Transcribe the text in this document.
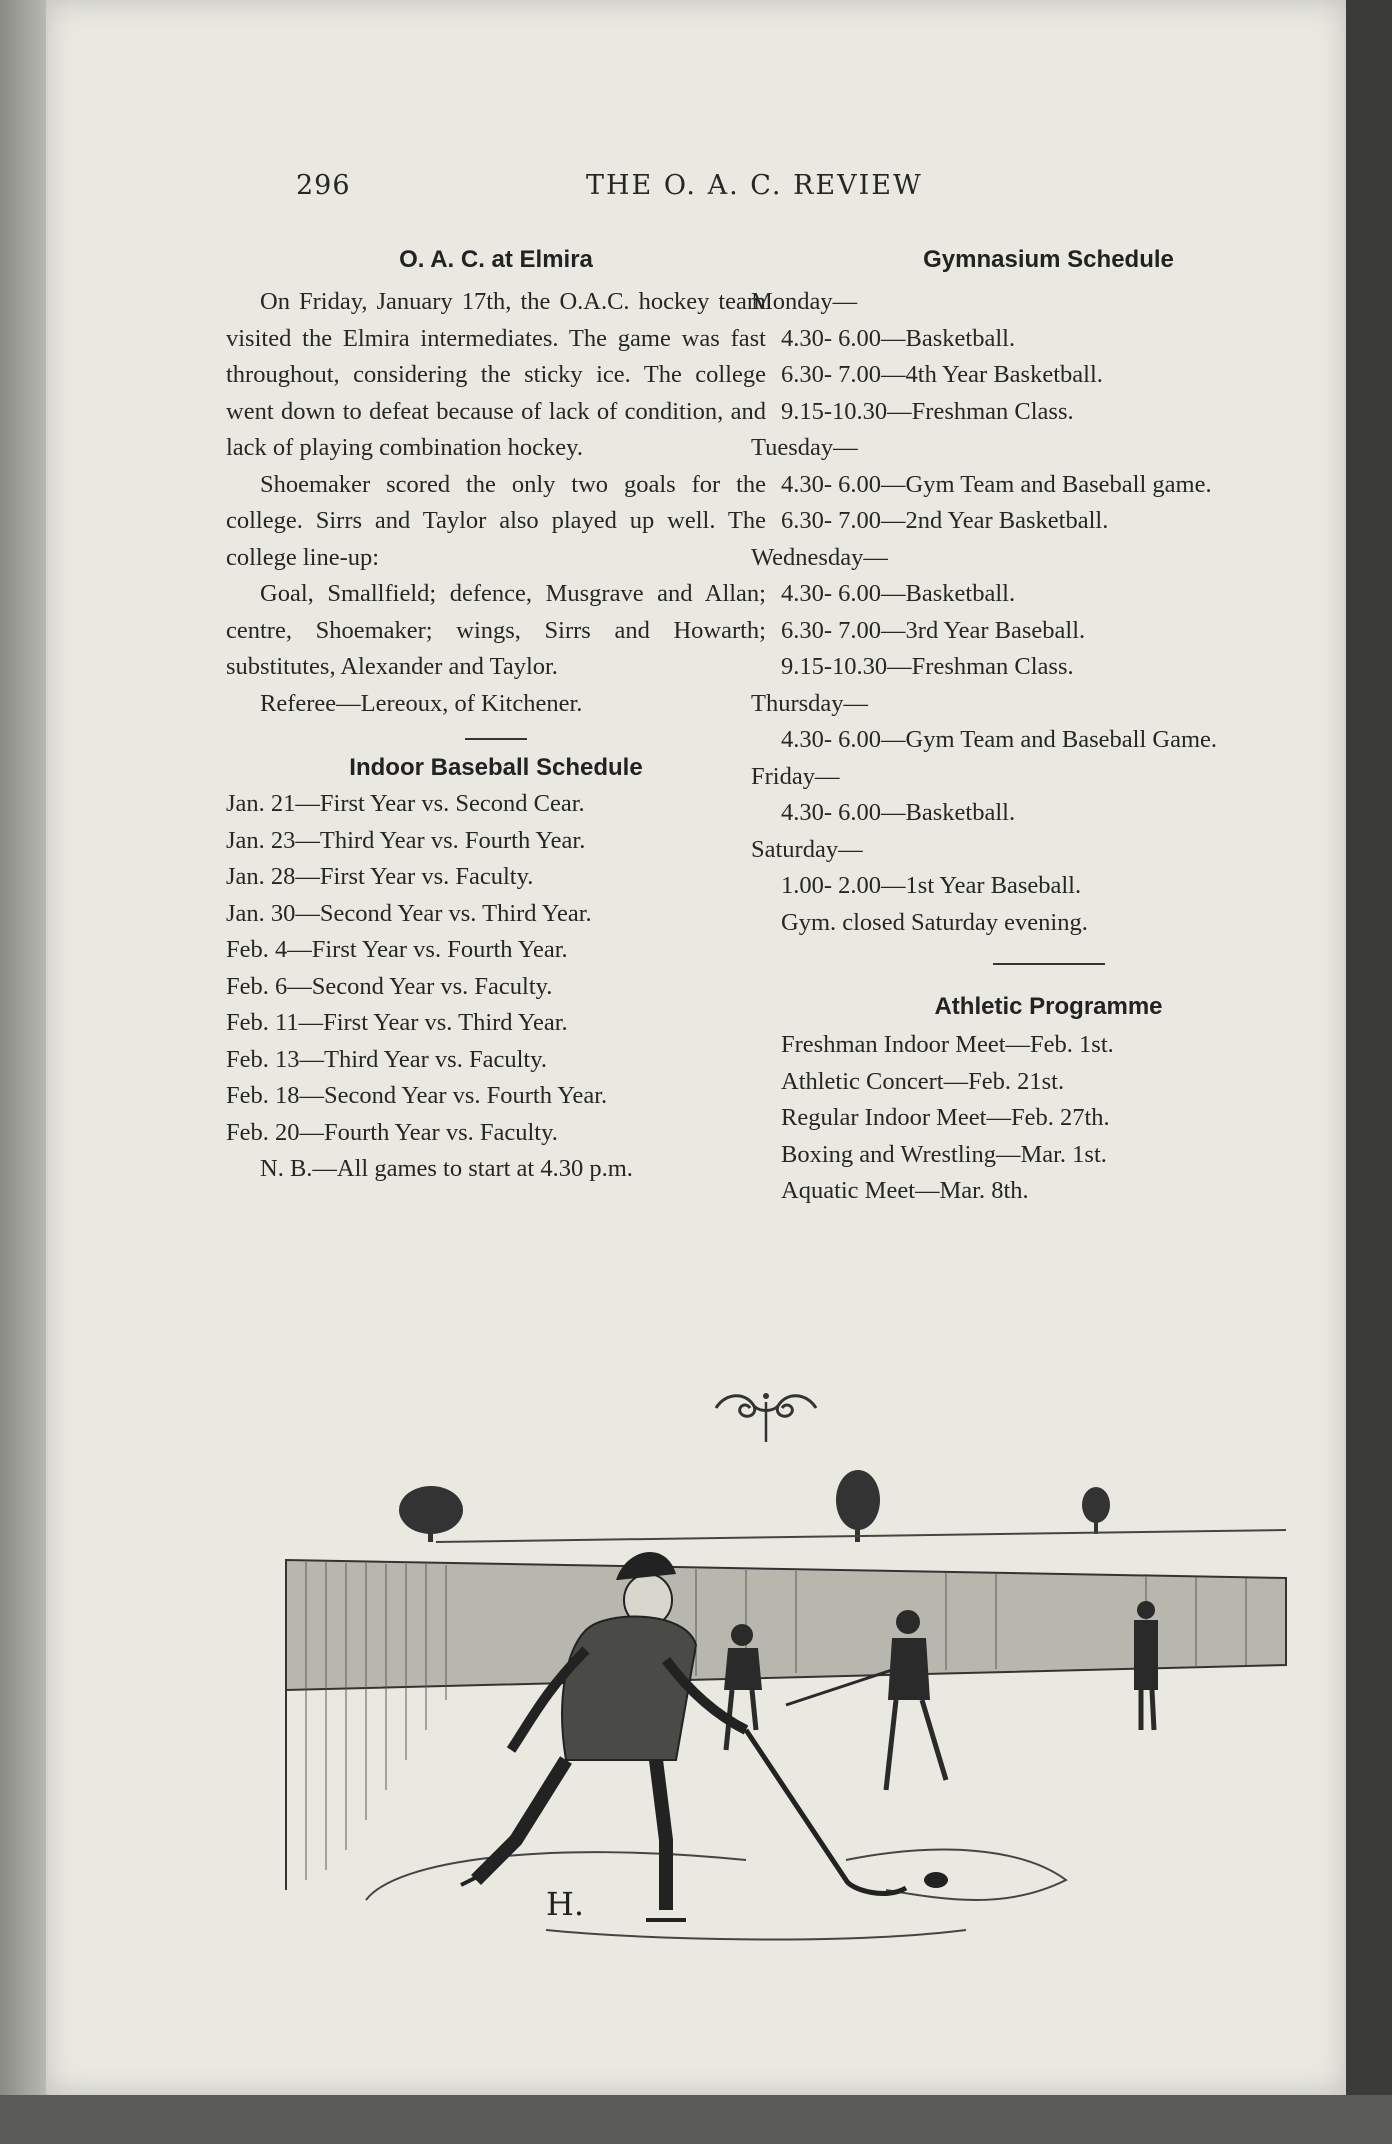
296	THE O. A. C. REVIEW
O. A. C. at Elmira

On Friday, January 17th, the O.A.C. hockey team visited the Elmira intermediates. The game was fast throughout, considering the sticky ice. The college went down to defeat because of lack of condition, and lack of playing combination hockey.

Shoemaker scored the only two goals for the college. Sirrs and Taylor also played up well. The college line-up:

Goal, Smallfield; defence, Musgrave and Allan; centre, Shoemaker; wings, Sirrs and Howarth; substitutes, Alexander and Taylor.

Referee—Lereoux, of Kitchener.

Indoor Baseball Schedule
Jan. 21—First Year vs. Second Cear.
Jan. 23—Third Year vs. Fourth Year.
Jan. 28—First Year vs. Faculty.
Jan. 30—Second Year vs. Third Year.
Feb. 4—First Year vs. Fourth Year.
Feb. 6—Second Year vs. Faculty.
Feb. 11—First Year vs. Third Year.
Feb. 13—Third Year vs. Faculty.
Feb. 18—Second Year vs. Fourth Year.
Feb. 20—Fourth Year vs. Faculty.

N. B.—All games to start at 4.30 p.m.

Gymnasium Schedule
Monday—
4.30- 6.00—Basketball.
6.30- 7.00—4th Year Basketball.
9.15-10.30—Freshman Class.
Tuesday—
4.30- 6.00—Gym Team and Baseball game.
6.30- 7.00—2nd Year Basketball.
Wednesday—
4.30- 6.00—Basketball.
6.30- 7.00—3rd Year Baseball.
9.15-10.30—Freshman Class.
Thursday—
4.30- 6.00—Gym Team and Baseball Game.
Friday—
4.30- 6.00—Basketball.
Saturday—
1.00- 2.00—1st Year Baseball.
Gym. closed Saturday evening.
Athletic Programme
Freshman Indoor Meet—Feb. 1st.
Athletic Concert—Feb. 21st.
Regular Indoor Meet—Feb. 27th.
Boxing and Wrestling—Mar. 1st.
Aquatic Meet—Mar. 8th.
H.
